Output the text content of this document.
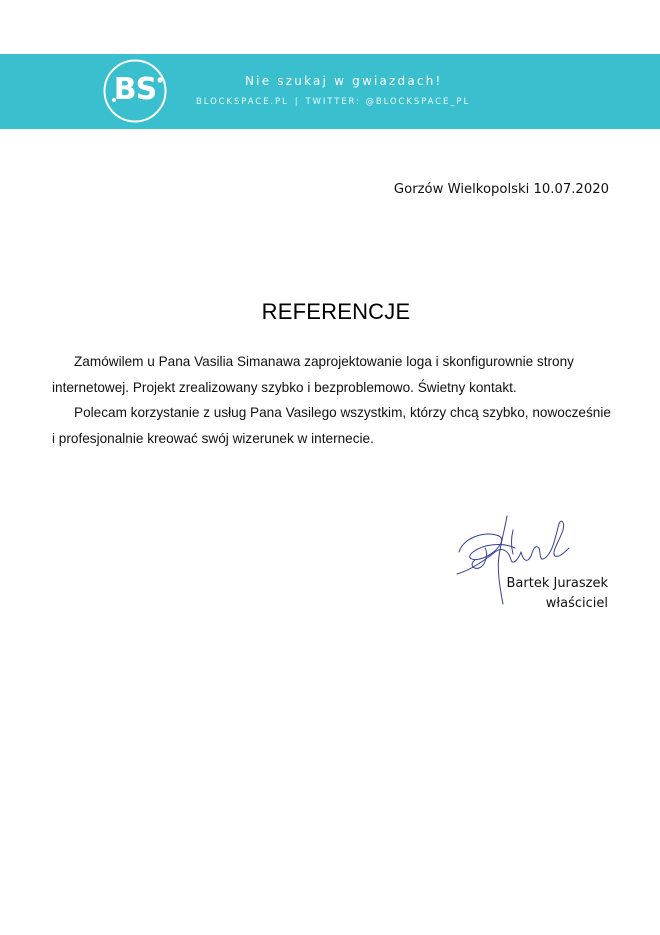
BS	Nie szukaj w gwiazdach!
BLOCKSPACE.PL | TWITTER: @BLOCKSPACE_PL
Gorzów Wielkopolski 10.07.2020
REFERENCJE

Zamówilem u Pana Vasilia Simanawa zaprojektowanie loga i skonfigurownie strony internetowej. Projekt zrealizowany szybko i bezproblemowo. Świetny kontakt.

Polecam korzystanie z usług Pana Vasilego wszystkim, którzy chcą szybko, nowocześnie i profesjonalnie kreować swój wizerunek w internecie.

Bartek Juraszek
właściciel
